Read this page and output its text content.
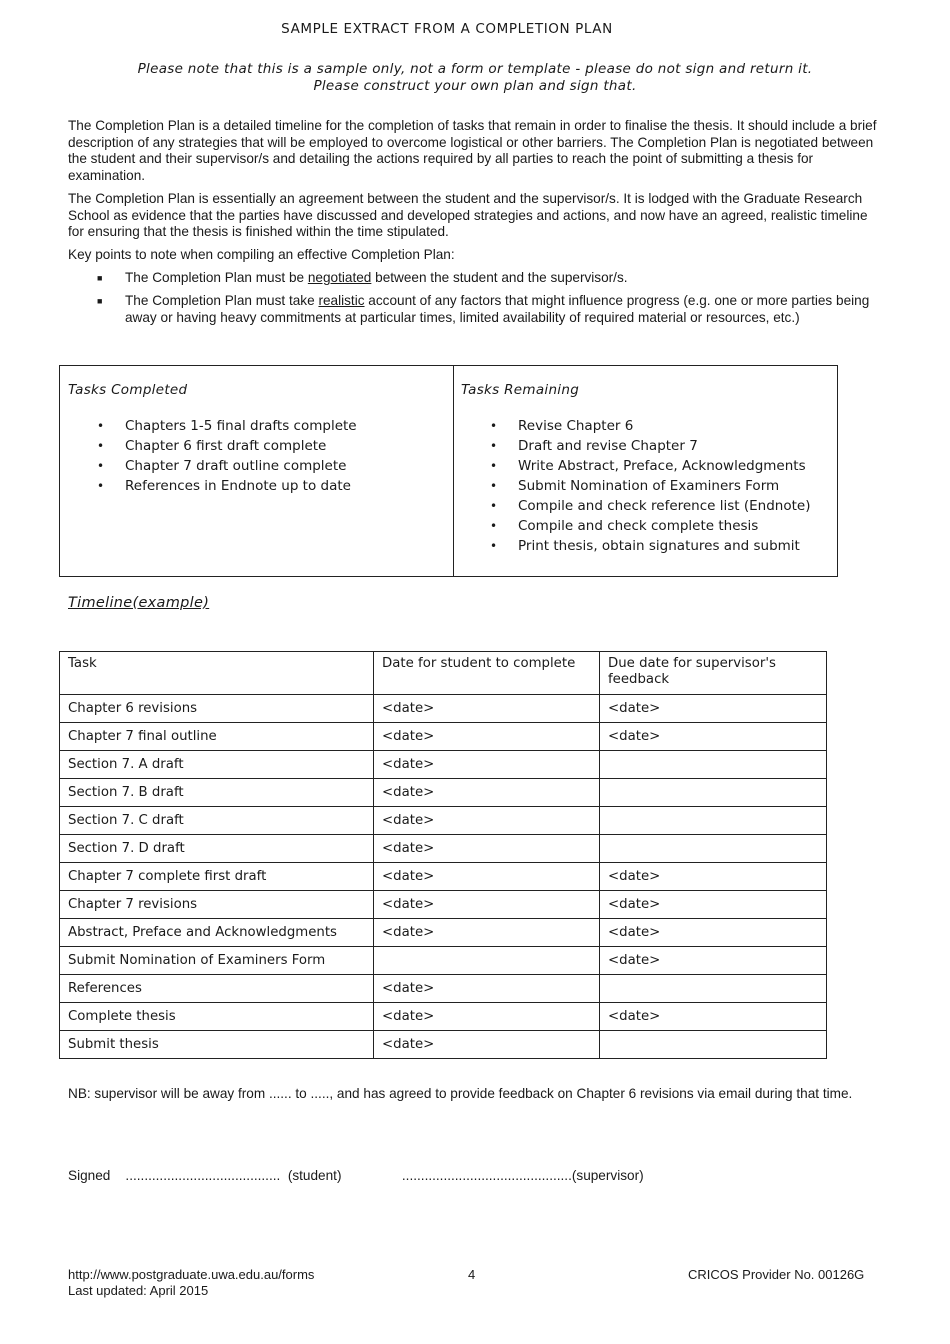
SAMPLE EXTRACT FROM A COMPLETION PLAN
Please note that this is a sample only, not a form or template - please do not sign and return it.
Please construct your own plan and sign that.
The Completion Plan is a detailed timeline for the completion of tasks that remain in order to finalise the thesis. It should include a brief description of any strategies that will be employed to overcome logistical or other barriers. The Completion Plan is negotiated between the student and their supervisor/s and detailing the actions required by all parties to reach the point of submitting a thesis for examination.
The Completion Plan is essentially an agreement between the student and the supervisor/s. It is lodged with the Graduate Research School as evidence that the parties have discussed and developed strategies and actions, and now have an agreed, realistic timeline for ensuring that the thesis is finished within the time stipulated.
Key points to note when compiling an effective Completion Plan:
■ The Completion Plan must be negotiated between the student and the supervisor/s.
■ The Completion Plan must take realistic account of any factors that might influence progress (e.g. one or more parties being away or having heavy commitments at particular times, limited availability of required material or resources, etc.)
Tasks Completed
• Chapters 1-5 final drafts complete
• Chapter 6 first draft complete
• Chapter 7 draft outline complete
• References in Endnote up to date
Tasks Remaining
• Revise Chapter 6
• Draft and revise Chapter 7
• Write Abstract, Preface, Acknowledgments
• Submit Nomination of Examiners Form
• Compile and check reference list (Endnote)
• Compile and check complete thesis
• Print thesis, obtain signatures and submit
Timeline(example)
Task	Date for student to complete	Due date for supervisor's feedback
Chapter 6 revisions	<date>	<date>
Chapter 7 final outline	<date>	<date>
Section 7. A draft	<date>	
Section 7. B draft	<date>	
Section 7. C draft	<date>	
Section 7. D draft	<date>	
Chapter 7 complete first draft	<date>	<date>
Chapter 7 revisions	<date>	<date>
Abstract, Preface and Acknowledgments	<date>	<date>
Submit Nomination of Examiners Form		<date>
References	<date>	
Complete thesis	<date>	<date>
Submit thesis	<date>	
NB: supervisor will be away from ...... to ....., and has agreed to provide feedback on Chapter 6 revisions via email during that time.
Signed    .........................................  (student)                .............................................(supervisor)
http://www.postgraduate.uwa.edu.au/forms
Last updated: April 2015
4	CRICOS Provider No. 00126G
